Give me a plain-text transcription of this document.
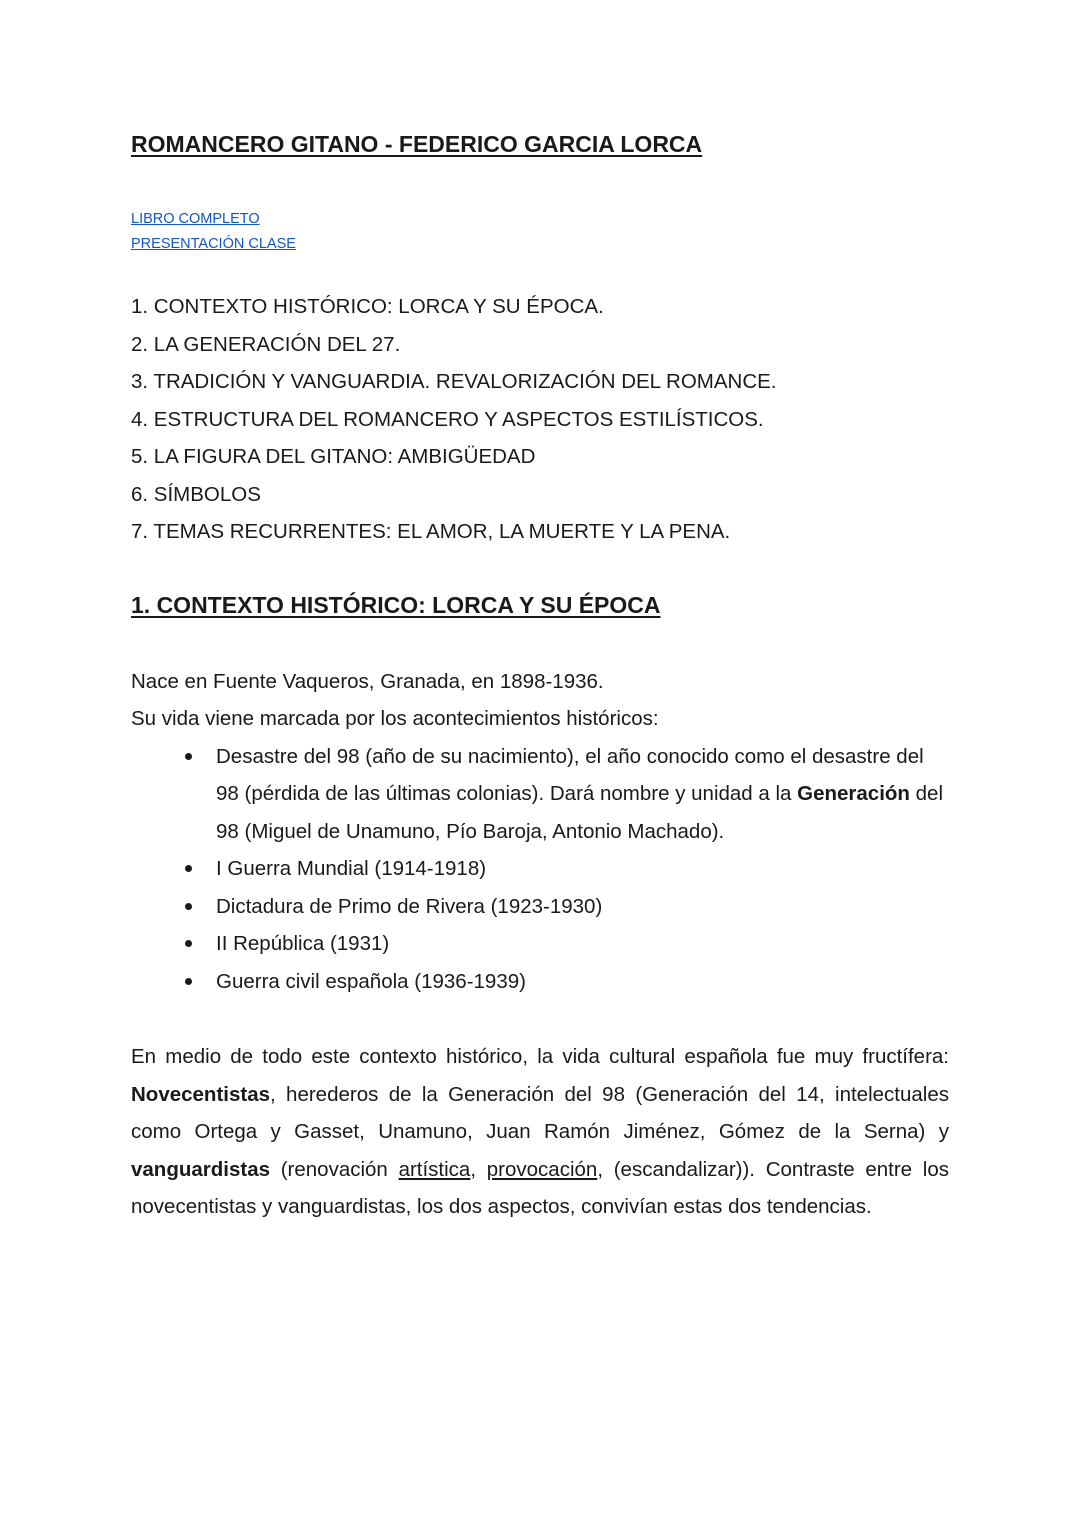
ROMANCERO GITANO - FEDERICO GARCIA LORCA
LIBRO COMPLETO
PRESENTACIÓN CLASE
1. CONTEXTO HISTÓRICO: LORCA Y SU ÉPOCA.
2. LA GENERACIÓN DEL 27.
3. TRADICIÓN Y VANGUARDIA. REVALORIZACIÓN DEL ROMANCE.
4. ESTRUCTURA DEL ROMANCERO Y ASPECTOS ESTILÍSTICOS.
5. LA FIGURA DEL GITANO: AMBIGÜEDAD
6. SÍMBOLOS
7. TEMAS RECURRENTES: EL AMOR, LA MUERTE Y LA PENA.
1. CONTEXTO HISTÓRICO: LORCA Y SU ÉPOCA
Nace en Fuente Vaqueros, Granada, en 1898-1936.
Su vida viene marcada por los acontecimientos históricos:
Desastre del 98 (año de su nacimiento), el año conocido como el desastre del 98 (pérdida de las últimas colonias). Dará nombre y unidad a la Generación del 98 (Miguel de Unamuno, Pío Baroja, Antonio Machado).
I Guerra Mundial (1914-1918)
Dictadura de Primo de Rivera (1923-1930)
II República (1931)
Guerra civil española (1936-1939)

En medio de todo este contexto histórico, la vida cultural española fue muy fructífera: Novecentistas, herederos de la Generación del 98 (Generación del 14, intelectuales como Ortega y Gasset, Unamuno, Juan Ramón Jiménez, Gómez de la Serna) y vanguardistas (renovación artística, provocación, (escandalizar)). Contraste entre los novecentistas y vanguardistas, los dos aspectos, convivían estas dos tendencias.
